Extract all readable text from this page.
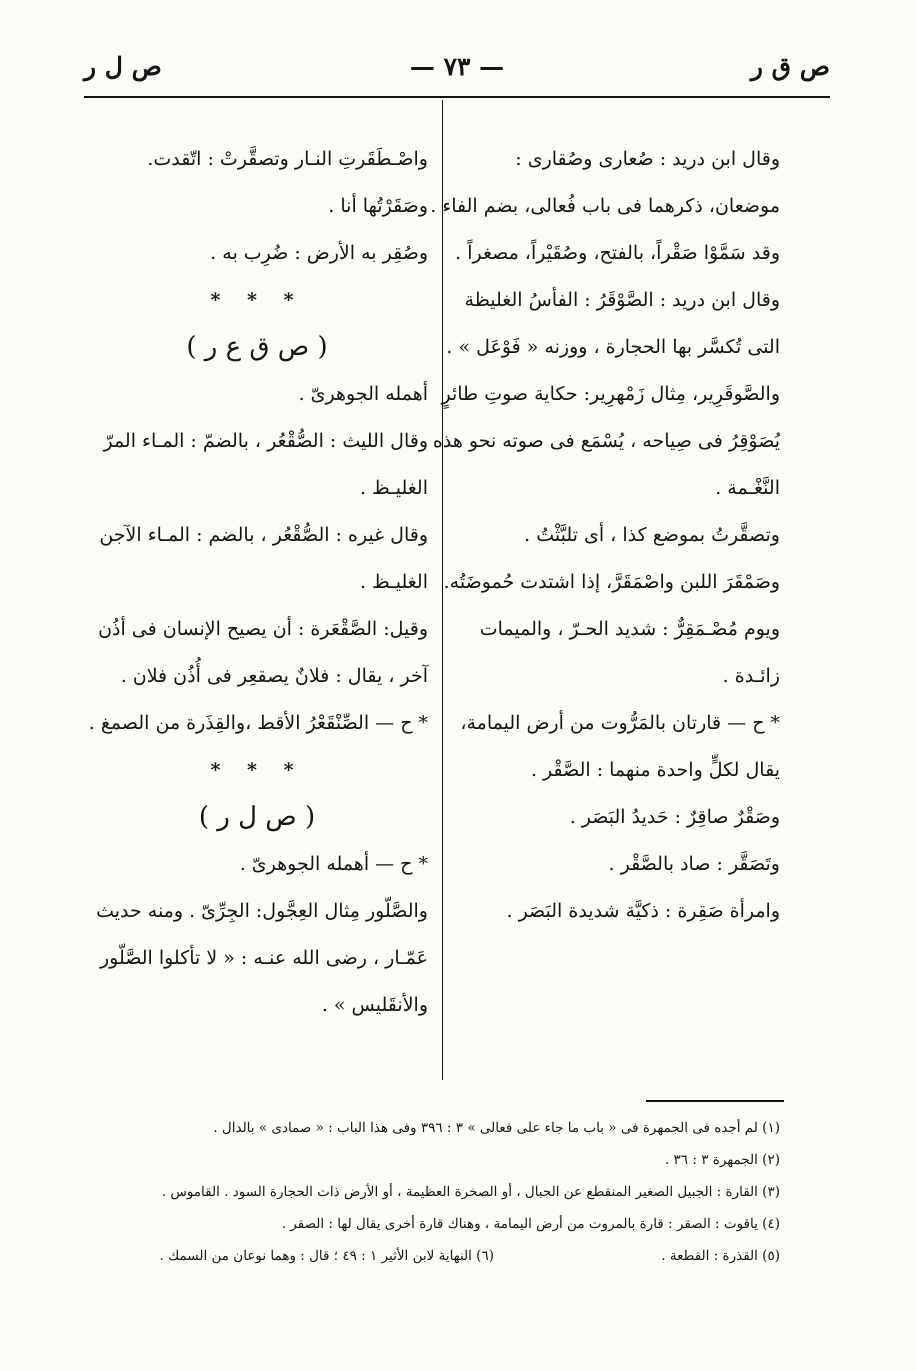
ص ق ر
— ٧٣ —
ص ل ر
وقال ابن دريد : صُعارى وصُقارى :
موضعان، ذكرهما فى باب فُعالى، بضم الفاء .
وقد سَمَّوْا صَقْراً، بالفتح، وصُقَيْراً، مصغراً .
وقال ابن دريد : الصَّوْقَرُ : الفأسُ الغليظة
التى تُكسَّر بها الحجارة ، ووزنه « فَوْعَل » .
والصَّوقَرِير، مِثال زَمْهرِير: حكاية صوتِ طائرٍ
يُصَوْقِرُ فى صِياحه ، يُسْمَع فى صوته نحو هذه
النَّغْـمة .
وتصقَّرتُ بموضع كذا ، أى تلبَّثْتُ .
وصَمْقَرَ اللبن واصْمَقَرَّ، إذا اشتدت حُموضَتُه.
ويوم مُصْـمَقِرٌّ : شديد الحـرّ ، والميمات
زائـدة .
* ح — قارتان بالمَرُّوت من أرض اليمامة،
يقال لكلٍّ واحدة منهما : الصَّقْر .
وصَقْرٌ صاقِرٌ : حَديدُ البَصَر .
وتَصَقَّر : صاد بالصَّقْر .
وامرأة صَقِرة : ذكيَّة شديدة البَصَر .
واصْـطَقَرتِ النـار وتصقَّرتْ : اتّقدت.
وصَقَرْتُها أنا .
وصُقِر به الأرض : ضُرِب به .
* * *
( ص ق ع ر )
أهمله الجوهرىّ .
وقال الليث : الصُّقْعُر ، بالضمّ : المـاء المرّ
الغليـظ .
وقال غيره : الصُّقْعُر ، بالضم : المـاء الآجن
الغليـظ .
وقيل: الصَّقْعَرة : أن يصيح الإنسان فى أذُن
آخر ، يقال : فلانٌ يصقعِر فى أُذُن فلان .
* ح — الصِّنْقَعْرُ الأقط ،والقِذَرة من الصمغ .
* * *
( ص ل ر )
* ح — أهمله الجوهرىّ .
والصَّلّور مِثال العِجَّول: الجِرِّىّ . ومنه حديث
عَمّـار ، رضى الله عنـه : « لا تأكلوا الصَّلّور
والأنقَليس » .
(١) لم أجده فى الجمهرة فى « باب ما جاء على فعالى » ٣ : ٣٩٦ وفى هذا الباب : « صمادى » بالدال .
(٢) الجمهرة ٣ : ٣٦ .
(٣) القارة : الجبيل الصغير المنقطع عن الجبال ، أو الصخرة العظيمة ، أو الأرض ذات الحجارة السود . القاموس .
(٤) ياقوت : الصقر : قارة بالمروت من أرض اليمامة ، وهناك قارة أخرى يقال لها : الصقر .
(٥) القذرة : القطعة .
(٦) النهاية لابن الأثير ١ : ٤٩ ؛ قال : وهما نوعان من السمك .
